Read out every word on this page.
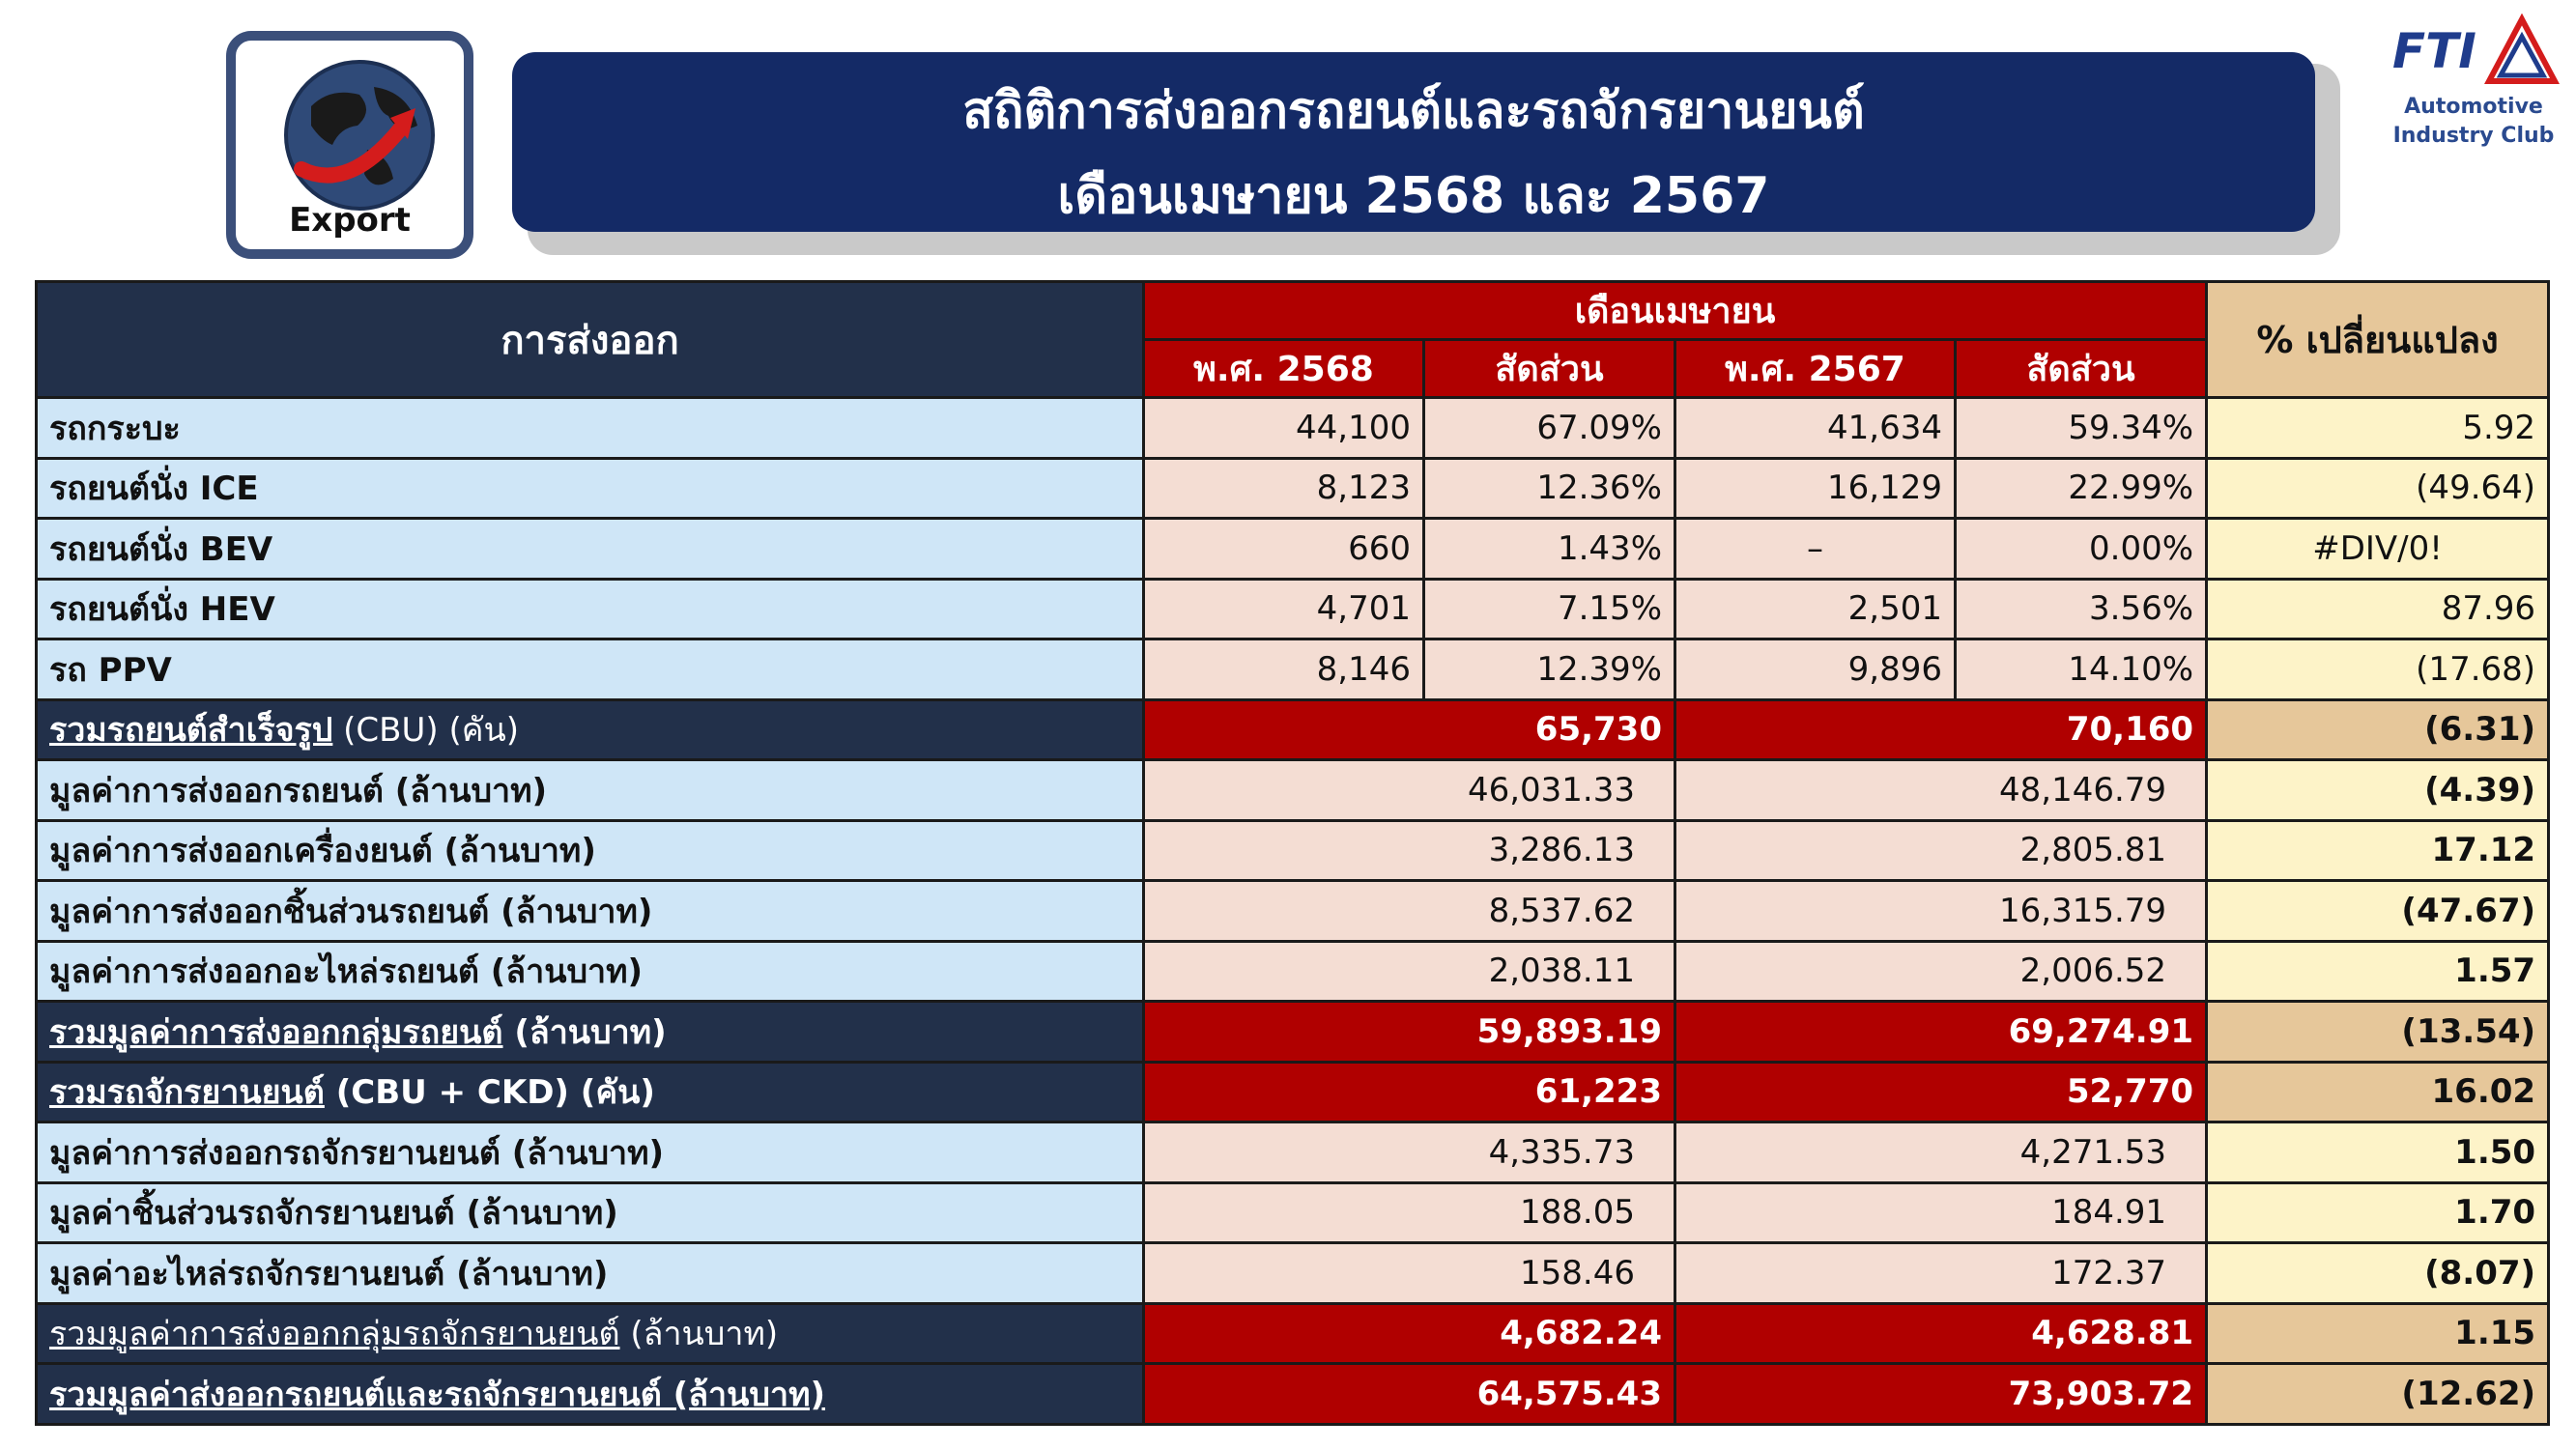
Export
สถิติการส่งออกรถยนต์และรถจักรยานยนต์
เดือนเมษายน 2568 และ 2567
FTI
Automotive
Industry Club
การส่งออก	เดือนเมษายน				% เปลี่ยนแปลง
	พ.ศ. 2568	สัดส่วน	พ.ศ. 2567	สัดส่วน	
รถกระบะ	44,100	67.09%	41,634	59.34%	5.92
รถยนต์นั่ง ICE	8,123	12.36%	16,129	22.99%	(49.64)
รถยนต์นั่ง BEV	660	1.43%	–	0.00%	#DIV/0!
รถยนต์นั่ง HEV	4,701	7.15%	2,501	3.56%	87.96
รถ PPV	8,146	12.39%	9,896	14.10%	(17.68)
รวมรถยนต์สำเร็จรูป (CBU) (คัน)	65,730		70,160		(6.31)
มูลค่าการส่งออกรถยนต์ (ล้านบาท)	46,031.33		48,146.79		(4.39)
มูลค่าการส่งออกเครื่องยนต์ (ล้านบาท)	3,286.13		2,805.81		17.12
มูลค่าการส่งออกชิ้นส่วนรถยนต์ (ล้านบาท)	8,537.62		16,315.79		(47.67)
มูลค่าการส่งออกอะไหล่รถยนต์ (ล้านบาท)	2,038.11		2,006.52		1.57
รวมมูลค่าการส่งออกกลุ่มรถยนต์ (ล้านบาท)	59,893.19		69,274.91		(13.54)
รวมรถจักรยานยนต์ (CBU + CKD) (คัน)	61,223		52,770		16.02
มูลค่าการส่งออกรถจักรยานยนต์ (ล้านบาท)	4,335.73		4,271.53		1.50
มูลค่าชิ้นส่วนรถจักรยานยนต์ (ล้านบาท)	188.05		184.91		1.70
มูลค่าอะไหล่รถจักรยานยนต์ (ล้านบาท)	158.46		172.37		(8.07)
รวมมูลค่าการส่งออกกลุ่มรถจักรยานยนต์ (ล้านบาท)	4,682.24		4,628.81		1.15
รวมมูลค่าส่งออกรถยนต์และรถจักรยานยนต์ (ล้านบาท)	64,575.43		73,903.72		(12.62)
